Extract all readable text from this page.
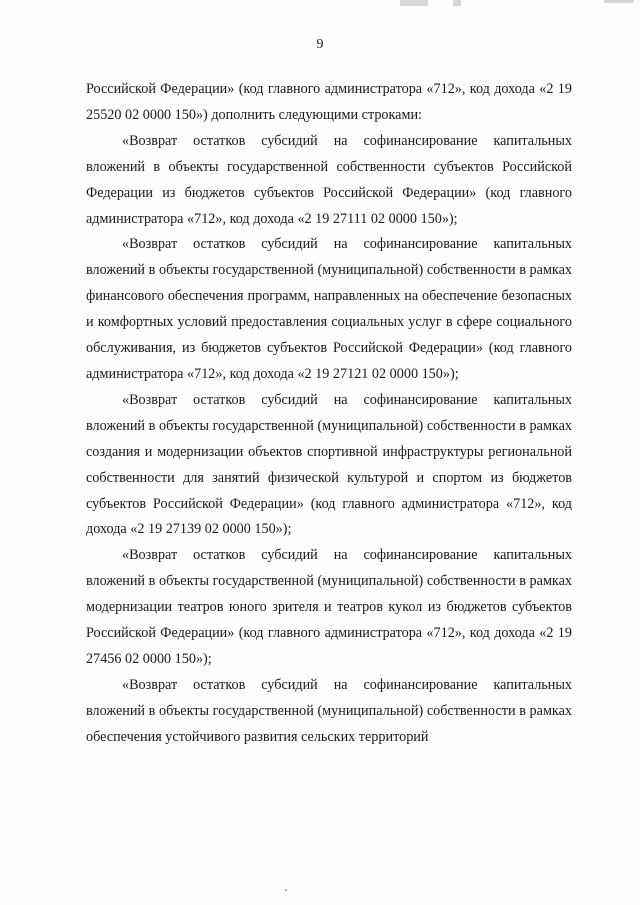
9

Российской Федерации» (код главного администратора «712», код дохода «2 19 25520 02 0000 150») дополнить следующими строками:

«Возврат остатков субсидий на софинансирование капитальных вложений в объекты государственной собственности субъектов Российской Федерации из бюджетов субъектов Российской Федерации» (код главного администратора «712», код дохода «2 19 27111 02 0000 150»);

«Возврат остатков субсидий на софинансирование капитальных вложений в объекты государственной (муниципальной) собственности в рамках финансового обеспечения программ, направленных на обеспечение безопасных и комфортных условий предоставления социальных услуг в сфере социального обслуживания, из бюджетов субъектов Российской Федерации» (код главного администратора «712», код дохода «2 19 27121 02 0000 150»);

«Возврат остатков субсидий на софинансирование капитальных вложений в объекты государственной (муниципальной) собственности в рамках создания и модернизации объектов спортивной инфраструктуры региональной собственности для занятий физической культурой и спортом из бюджетов субъектов Российской Федерации» (код главного администратора «712», код дохода «2 19 27139 02 0000 150»);

«Возврат остатков субсидий на софинансирование капитальных вложений в объекты государственной (муниципальной) собственности в рамках модернизации театров юного зрителя и театров кукол из бюджетов субъектов Российской Федерации» (код главного администратора «712», код дохода «2 19 27456 02 0000 150»);

«Возврат остатков субсидий на софинансирование капитальных вложений в объекты государственной (муниципальной) собственности в рамках обеспечения устойчивого развития сельских территорий
